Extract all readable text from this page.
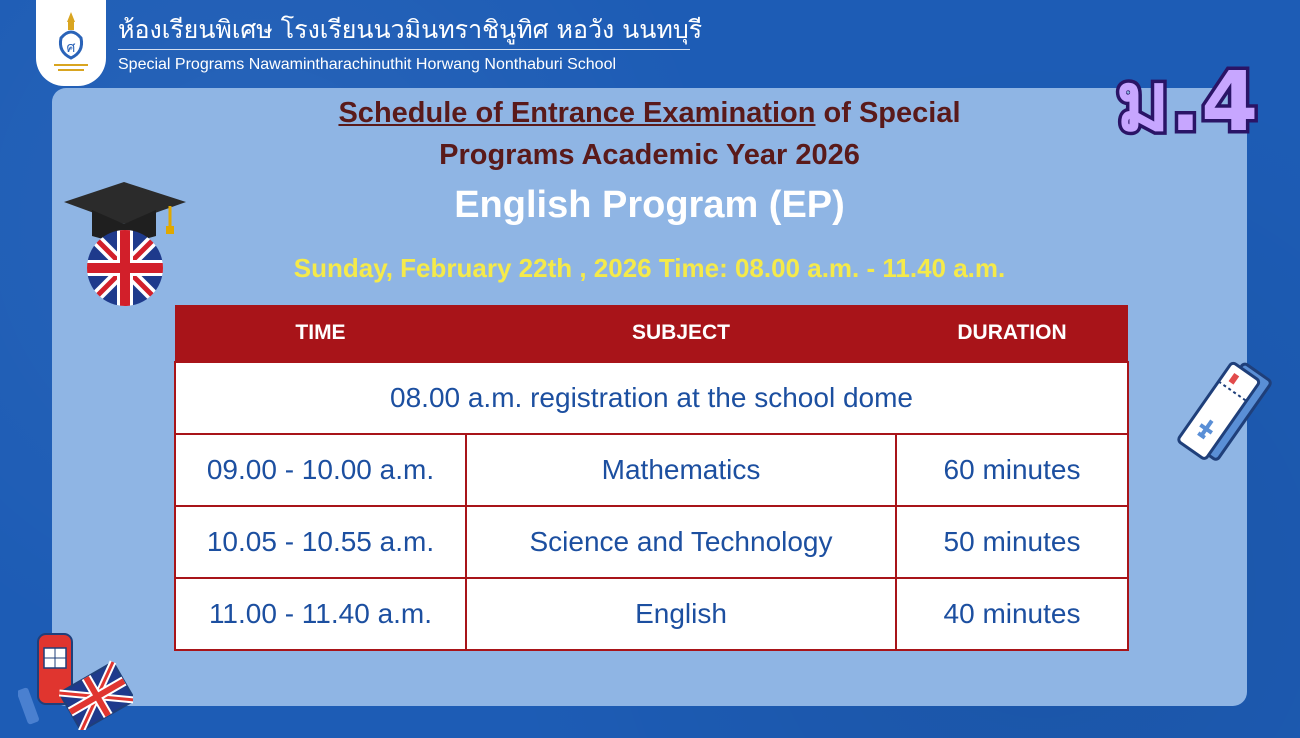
ศ
ห้องเรียนพิเศษ โรงเรียนนวมินทราชินูทิศ หอวัง นนทบุรี
Special Programs Nawamintharachinuthit Horwang Nonthaburi School	ม.4
Schedule of Entrance Examination of Special
Programs Academic Year 2026
English Program (EP)
Sunday, February 22th , 2026 Time: 08.00 a.m. - 11.40 a.m.
TIME	SUBJECT	DURATION
08.00 a.m. registration at the school dome		
09.00 - 10.00 a.m.	Mathematics	60 minutes
10.05 - 10.55 a.m.	Science and Technology	50 minutes
11.00 - 11.40 a.m.	English	40 minutes
